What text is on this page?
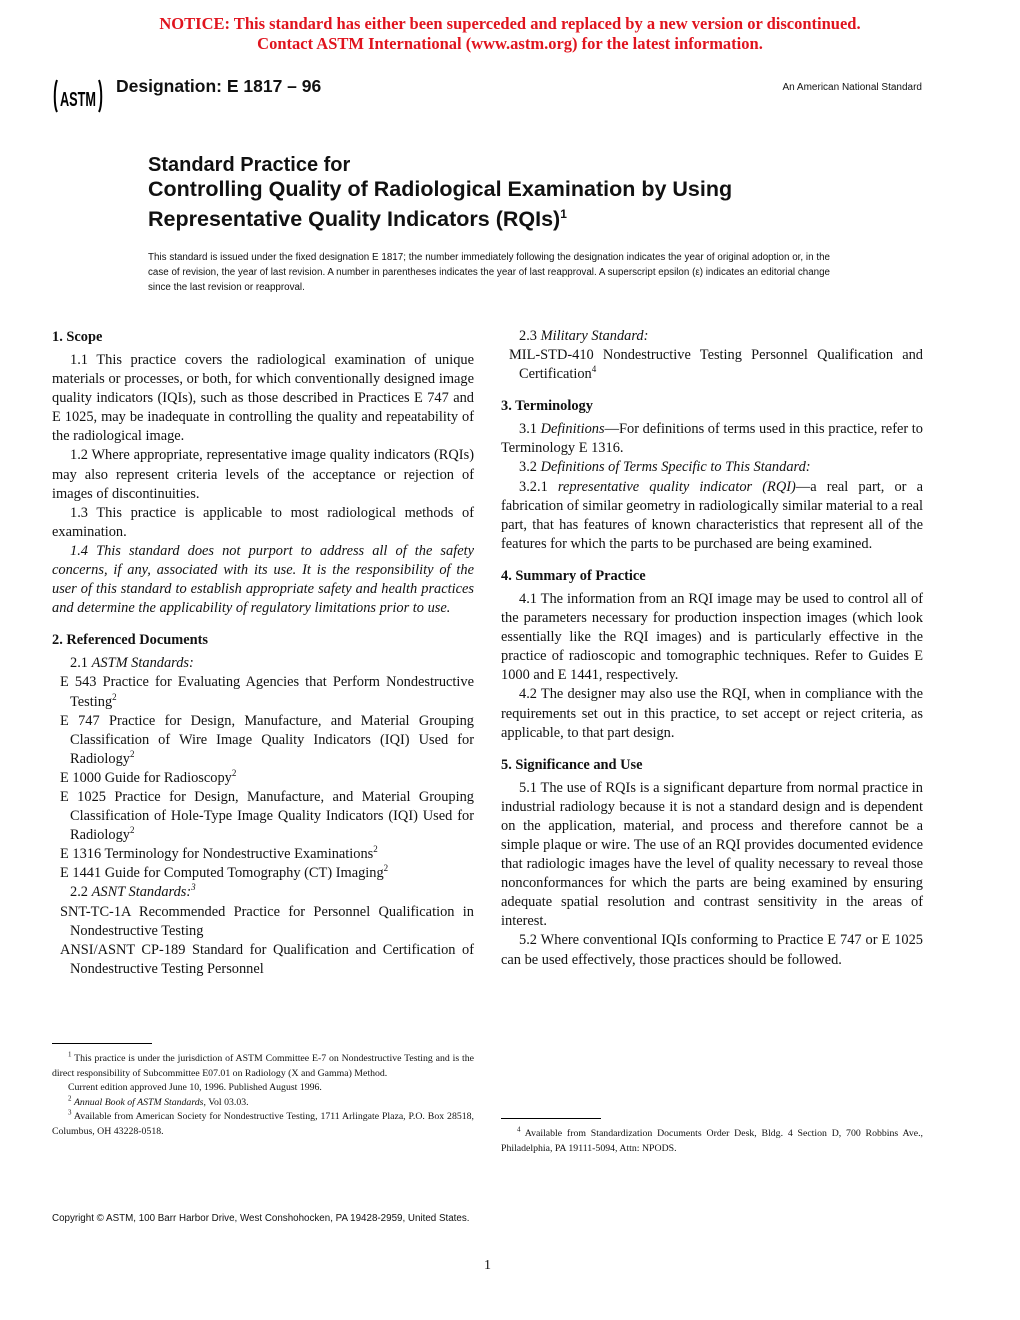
NOTICE: This standard has either been superceded and replaced by a new version or discontinued.
Contact ASTM International (www.astm.org) for the latest information.
ASTM
Designation: E 1817 – 96	An American National Standard
Standard Practice for
Controlling Quality of Radiological Examination by Using
Representative Quality Indicators (RQIs)$^1$
This standard is issued under the fixed designation E 1817; the number immediately following the designation indicates the year of original adoption or, in the case of revision, the year of last revision. A number in parentheses indicates the year of last reapproval. A superscript epsilon (ε) indicates an editorial change since the last revision or reapproval.
1. Scope

1.1 This practice covers the radiological examination of unique materials or processes, or both, for which conventionally designed image quality indicators (IQIs), such as those described in Practices E 747 and E 1025, may be inadequate in controlling the quality and repeatability of the radiological image.

1.2 Where appropriate, representative image quality indicators (RQIs) may also represent criteria levels of the acceptance or rejection of images of discontinuities.

1.3 This practice is applicable to most radiological methods of examination.

1.4 This standard does not purport to address all of the safety concerns, if any, associated with its use. It is the responsibility of the user of this standard to establish appropriate safety and health practices and determine the applicability of regulatory limitations prior to use.

2. Referenced Documents

2.1 ASTM Standards:

E 543 Practice for Evaluating Agencies that Perform Nondestructive Testing$^2$
E 747 Practice for Design, Manufacture, and Material Grouping Classification of Wire Image Quality Indicators (IQI) Used for Radiology$^2$
E 1000 Guide for Radioscopy$^2$
E 1025 Practice for Design, Manufacture, and Material Grouping Classification of Hole-Type Image Quality Indicators (IQI) Used for Radiology$^2$
E 1316 Terminology for Nondestructive Examinations$^2$
E 1441 Guide for Computed Tomography (CT) Imaging$^2$

2.2 ASNT Standards:$^3$

SNT-TC-1A Recommended Practice for Personnel Qualification in Nondestructive Testing
ANSI/ASNT CP-189 Standard for Qualification and Certification of Nondestructive Testing Personnel

2.3 Military Standard:

MIL-STD-410 Nondestructive Testing Personnel Qualification and Certification$^4$
3. Terminology

3.1 Definitions—For definitions of terms used in this practice, refer to Terminology E 1316.

3.2 Definitions of Terms Specific to This Standard:

3.2.1 representative quality indicator (RQI)—a real part, or a fabrication of similar geometry in radiologically similar material to a real part, that has features of known characteristics that represent all of the features for which the parts to be purchased are being examined.

4. Summary of Practice

4.1 The information from an RQI image may be used to control all of the parameters necessary for production inspection images (which look essentially like the RQI images) and is particularly effective in the practice of radioscopic and tomographic techniques. Refer to Guides E 1000 and E 1441, respectively.

4.2 The designer may also use the RQI, when in compliance with the requirements set out in this practice, to set accept or reject criteria, as applicable, to that part design.

5. Significance and Use

5.1 The use of RQIs is a significant departure from normal practice in industrial radiology because it is not a standard design and is dependent on the application, material, and process and therefore cannot be a simple plaque or wire. The use of an RQI provides documented evidence that radiologic images have the level of quality necessary to reveal those nonconformances for which the parts are being examined by ensuring adequate spatial resolution and contrast sensitivity in the areas of interest.

5.2 Where conventional IQIs conforming to Practice E 747 or E 1025 can be used effectively, those practices should be followed.

$^1$ This practice is under the jurisdiction of ASTM Committee E-7 on Nondestructive Testing and is the direct responsibility of Subcommittee E07.01 on Radiology (X and Gamma) Method.

Current edition approved June 10, 1996. Published August 1996.

$^2$ Annual Book of ASTM Standards, Vol 03.03.

$^3$ Available from American Society for Nondestructive Testing, 1711 Arlingate Plaza, P.O. Box 28518, Columbus, OH 43228-0518.	$^4$ Available from Standardization Documents Order Desk, Bldg. 4 Section D, 700 Robbins Ave., Philadelphia, PA 19111-5094, Attn: NPODS.

Copyright © ASTM, 100 Barr Harbor Drive, West Conshohocken, PA 19428-2959, United States.
1
